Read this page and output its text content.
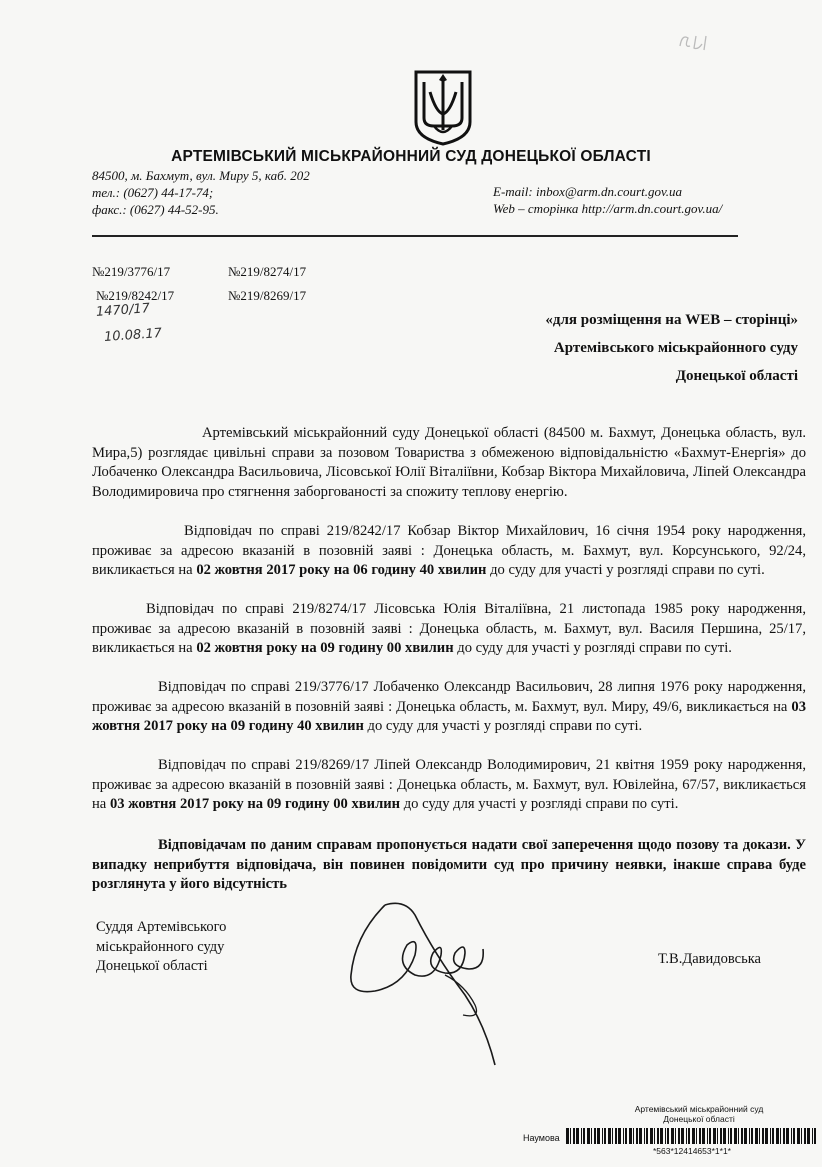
АРТЕМІВСЬКИЙ МІСЬКРАЙОННИЙ СУД ДОНЕЦЬКОЇ ОБЛАСТІ
84500, м. Бахмут, вул. Миру 5, каб. 202
тел.: (0627) 44-17-74;
факс.: (0627) 44-52-95.
E-mail: inbox@arm.dn.court.gov.ua
Web – сторінка http://arm.dn.court.gov.ua/
№219/3776/17	№219/8274/17
№219/8242/17	№219/8269/17
1470/17
10.08.17
«для розміщення на WEB – сторінці»
Артемівського міськрайонного суду
Донецької області
Артемівський міськрайонний суду Донецької області (84500 м. Бахмут, Донецька область, вул. Мира,5) розглядає цивільні справи за позовом Товариства з обмеженою відповідальністю «Бахмут-Енергія» до Лобаченко Олександра Васильовича, Лісовської Юлії Віталіївни, Кобзар Віктора Михайловича, Ліпей Олександра Володимировича про стягнення заборгованості за спожиту теплову енергію.
Відповідач по справі 219/8242/17 Кобзар Віктор Михайлович, 16 січня 1954 року народження, проживає за адресою вказаній в позовній заяві : Донецька область, м. Бахмут, вул. Корсунського, 92/24, викликається на 02 жовтня 2017 року на 06 годину 40 хвилин до суду для участі у розгляді справи по суті.
Відповідач по справі 219/8274/17 Лісовська Юлія Віталіївна, 21 листопада 1985 року народження, проживає за адресою вказаній в позовній заяві : Донецька область, м. Бахмут, вул. Василя Першина, 25/17, викликається на 02 жовтня року на 09 годину 00 хвилин до суду для участі у розгляді справи по суті.
Відповідач по справі 219/3776/17 Лобаченко Олександр Васильович, 28 липня 1976 року народження, проживає за адресою вказаній в позовній заяві : Донецька область, м. Бахмут, вул. Миру, 49/6, викликається на 03 жовтня 2017 року на 09 годину 40 хвилин до суду для участі у розгляді справи по суті.
Відповідач по справі 219/8269/17 Ліпей Олександр Володимирович, 21 квітня 1959 року народження, проживає за адресою вказаній в позовній заяві : Донецька область, м. Бахмут, вул. Ювілейна, 67/57, викликається на 03 жовтня 2017 року на 09 годину 00 хвилин до суду для участі у розгляді справи по суті.
Відповідачам по даним справам пропонується надати свої заперечення щодо позову та докази. У випадку неприбуття відповідача, він повинен повідомити суд про причину неявки, інакше справа буде розглянута у його відсутність
Суддя Артемівського
міськрайонного суду
Донецької області	Т.В.Давидовська
Артемівський міськрайонний суд
Донецької області
Наумова
*563*12414653*1*1*
